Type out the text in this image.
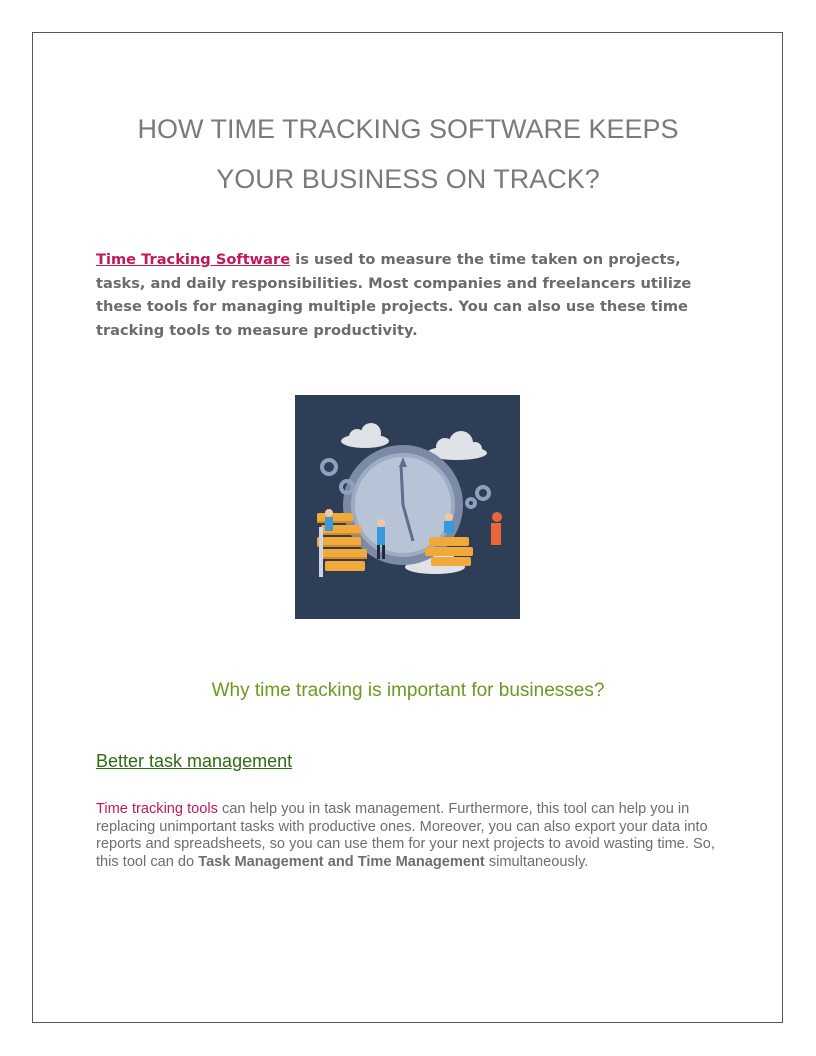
HOW TIME TRACKING SOFTWARE KEEPS
YOUR BUSINESS ON TRACK?

Time Tracking Software is used to measure the time taken on projects, tasks, and daily responsibilities. Most companies and freelancers utilize these tools for managing multiple projects. You can also use these time tracking tools to measure productivity.

Why time tracking is important for businesses?
Better task management

Time tracking tools can help you in task management. Furthermore, this tool can help you in replacing unimportant tasks with productive ones. Moreover, you can also export your data into reports and spreadsheets, so you can use them for your next projects to avoid wasting time. So, this tool can do Task Management and Time Management simultaneously.
